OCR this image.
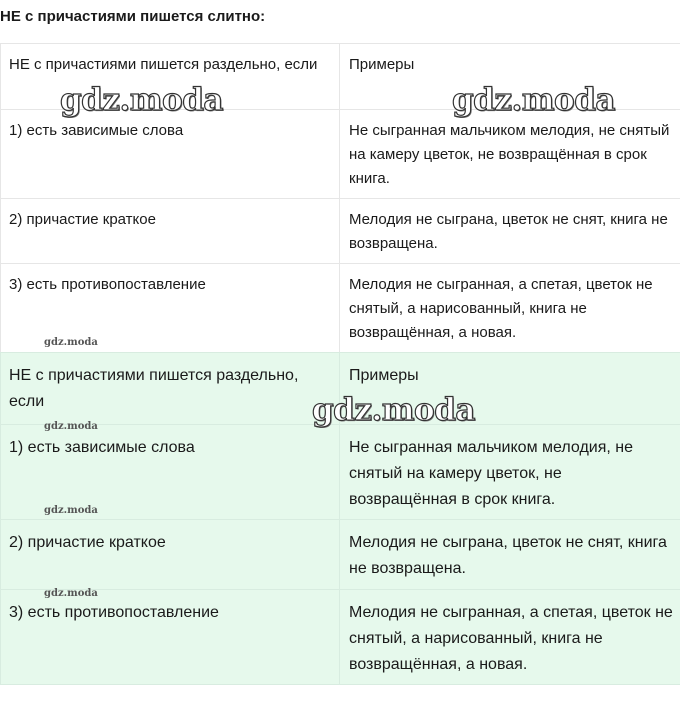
НЕ с причастиями пишется слитно:
НЕ с причастиями пишется раздельно, если	Примеры
1) есть зависимые слова	Не сыгранная мальчиком мелодия, не снятый на камеру цветок, не возвращённая в срок книга.
2) причастие краткое	Мелодия не сыграна, цветок не снят, книга не возвращена.
3) есть противопоставление	Мелодия не сыгранная, а спетая, цветок не снятый, а нарисованный, книга не возвращённая, а новая.
НЕ с причастиями пишется раздельно, если	Примеры
1) есть зависимые слова	Не сыгранная мальчиком мелодия, не снятый на камеру цветок, не возвращённая в срок книга.
2) причастие краткое	Мелодия не сыграна, цветок не снят, книга не возвращена.
3) есть противопоставление	Мелодия не сыгранная, а спетая, цветок не снятый, а нарисованный, книга не возвращённая, а новая.
gdz.moda	gdz.moda
gdz.moda
gdz.moda
gdz.moda
gdz.moda
gdz.moda
